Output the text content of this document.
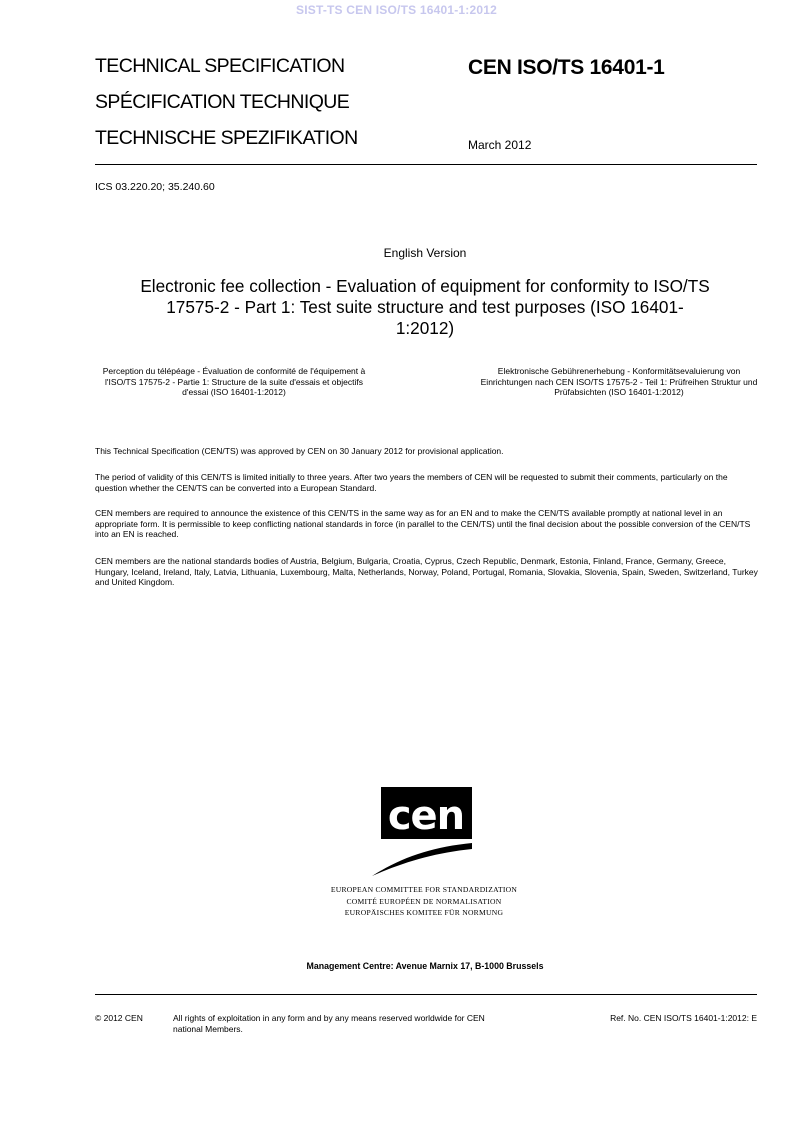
SIST-TS CEN ISO/TS 16401-1:2012
TECHNICAL SPECIFICATION
SPÉCIFICATION TECHNIQUE
TECHNISCHE SPEZIFIKATION
CEN ISO/TS 16401-1
March 2012
ICS 03.220.20; 35.240.60
English Version
Electronic fee collection - Evaluation of equipment for conformity to ISO/TS 17575-2 - Part 1: Test suite structure and test purposes (ISO 16401-1:2012)
Perception du télépéage - Évaluation de conformité de l'équipement à l'ISO/TS 17575-2 - Partie 1: Structure de la suite d'essais et objectifs d'essai (ISO 16401-1:2012)
Elektronische Gebührenerhebung - Konformitätsevaluierung von Einrichtungen nach CEN ISO/TS 17575-2 - Teil 1: Prüfreihen Struktur und Prüfabsichten (ISO 16401-1:2012)
This Technical Specification (CEN/TS) was approved by CEN on 30 January 2012 for provisional application.
The period of validity of this CEN/TS is limited initially to three years. After two years the members of CEN will be requested to submit their comments, particularly on the question whether the CEN/TS can be converted into a European Standard.
CEN members are required to announce the existence of this CEN/TS in the same way as for an EN and to make the CEN/TS available promptly at national level in an appropriate form. It is permissible to keep conflicting national standards in force (in parallel to the CEN/TS) until the final decision about the possible conversion of the CEN/TS into an EN is reached.
CEN members are the national standards bodies of Austria, Belgium, Bulgaria, Croatia, Cyprus, Czech Republic, Denmark, Estonia, Finland, France, Germany, Greece, Hungary, Iceland, Ireland, Italy, Latvia, Lithuania, Luxembourg, Malta, Netherlands, Norway, Poland, Portugal, Romania, Slovakia, Slovenia, Spain, Sweden, Switzerland, Turkey and United Kingdom.
cen
EUROPEAN COMMITTEE FOR STANDARDIZATION
COMITÉ EUROPÉEN DE NORMALISATION
EUROPÄISCHES KOMITEE FÜR NORMUNG
Management Centre: Avenue Marnix 17, B-1000 Brussels
© 2012 CEN	All rights of exploitation in any form and by any means reserved worldwide for CEN national Members.
Ref. No. CEN ISO/TS 16401-1:2012: E
